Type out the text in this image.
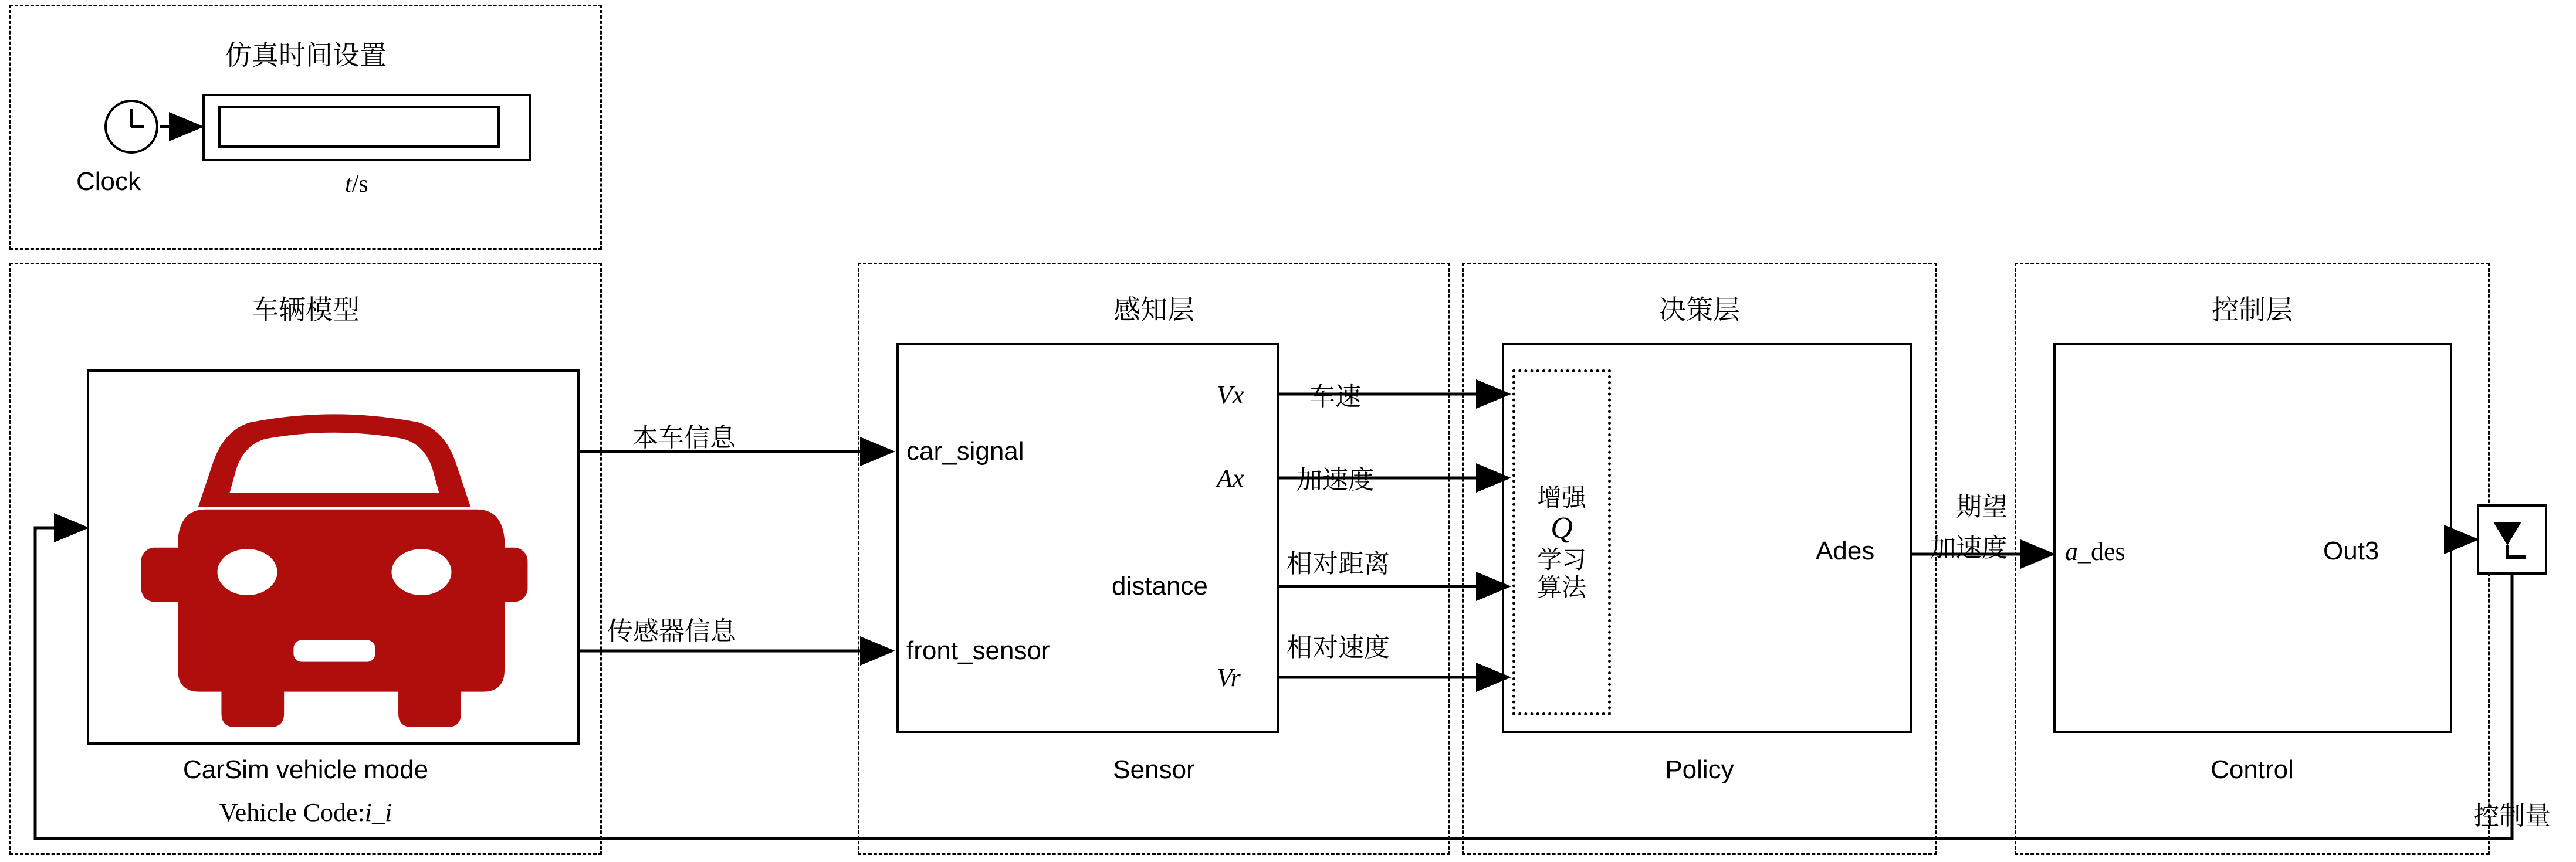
仿真时间设置
Clock	t/s
车辆模型
CarSim vehicle mode
Vehicle Code:i_i
感知层
car_signal
front_sensor
Vx
Ax
distance
Vr
Sensor
决策层
增强
Q
学习
算法
Ades
Policy
控制层
a_des	Out3
Control
控制量
本车信息
传感器信息
车速
加速度
相对距离
相对速度
期望
加速度
